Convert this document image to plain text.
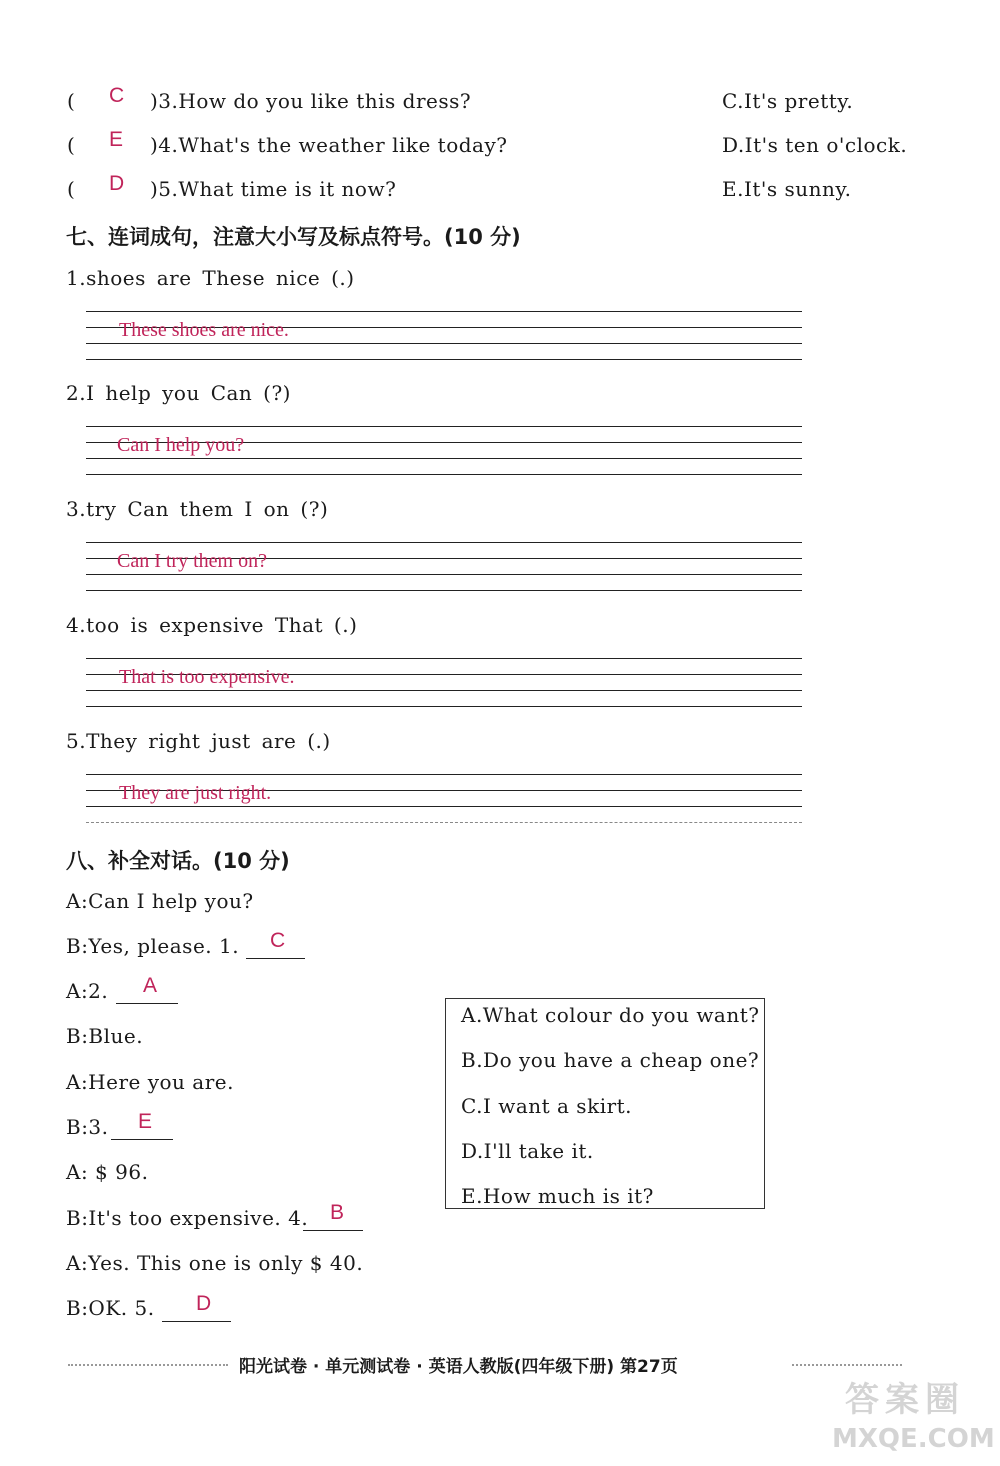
( C )3.How do you like this dress?	C.It's pretty.
( E )4.What's the weather like today?	D.It's ten o'clock.
( D )5.What time is it now?	E.It's sunny.
七、连词成句，注意大小写及标点符号。(10 分)
1.shoes are These nice (.)
These shoes are nice.
2.I help you Can (?)
Can I help you?
3.try Can them I on (?)
Can I try them on?
4.too is expensive That (.)
That is too expensive.
5.They right just are (.)
They are just right.
八、补全对话。(10 分)
A:Can I help you?
B:Yes, please. 1. C
A:2. A
B:Blue.
A:Here you are.
B:3. E
A: $ 96.
B:It's too expensive. 4. B
A:Yes. This one is only $ 40.
B:OK. 5. D
A.What colour do you want?
B.Do you have a cheap one?
C.I want a skirt.
D.I'll take it.
E.How much is it?
阳光试卷 · 单元测试卷 · 英语人教版(四年级下册) 第27页
答案圈
MXQE.COM
